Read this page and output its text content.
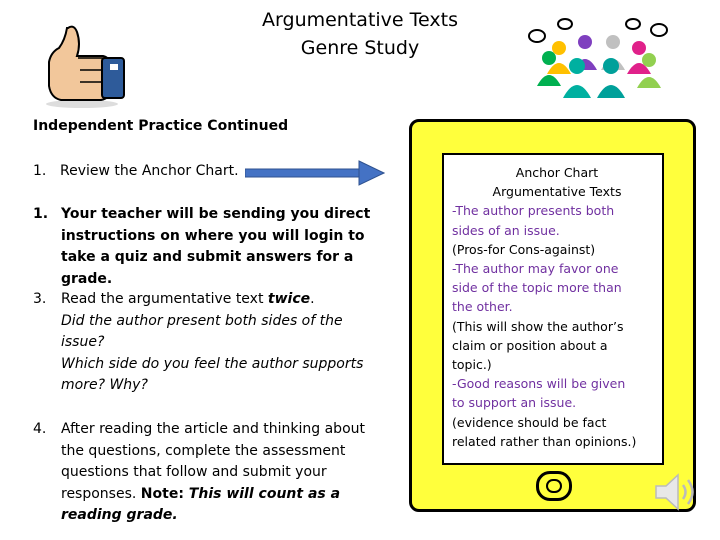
Argumentative Texts
Genre Study
Independent Practice Continued
1. Review the Anchor Chart.
1. Your teacher will be sending you direct
instructions on where you will login to
take a quiz and submit answers for a grade.
3.	Read the argumentative text twice.
Did the author present both sides of the
issue?
Which side do you feel the author supports
more? Why?
4.	After reading the article and thinking about
the questions, complete the assessment
questions that follow and submit your
responses. Note: This will count as a
reading grade.
Anchor Chart
Argumentative Texts
-The author presents both
sides of an issue.
(Pros-for Cons-against)
-The author may favor one
side of the topic more than
the other.
(This will show the author’s
claim or position about a
topic.)
-Good reasons will be given
to support an issue.
(evidence should be fact
related rather than opinions.)
